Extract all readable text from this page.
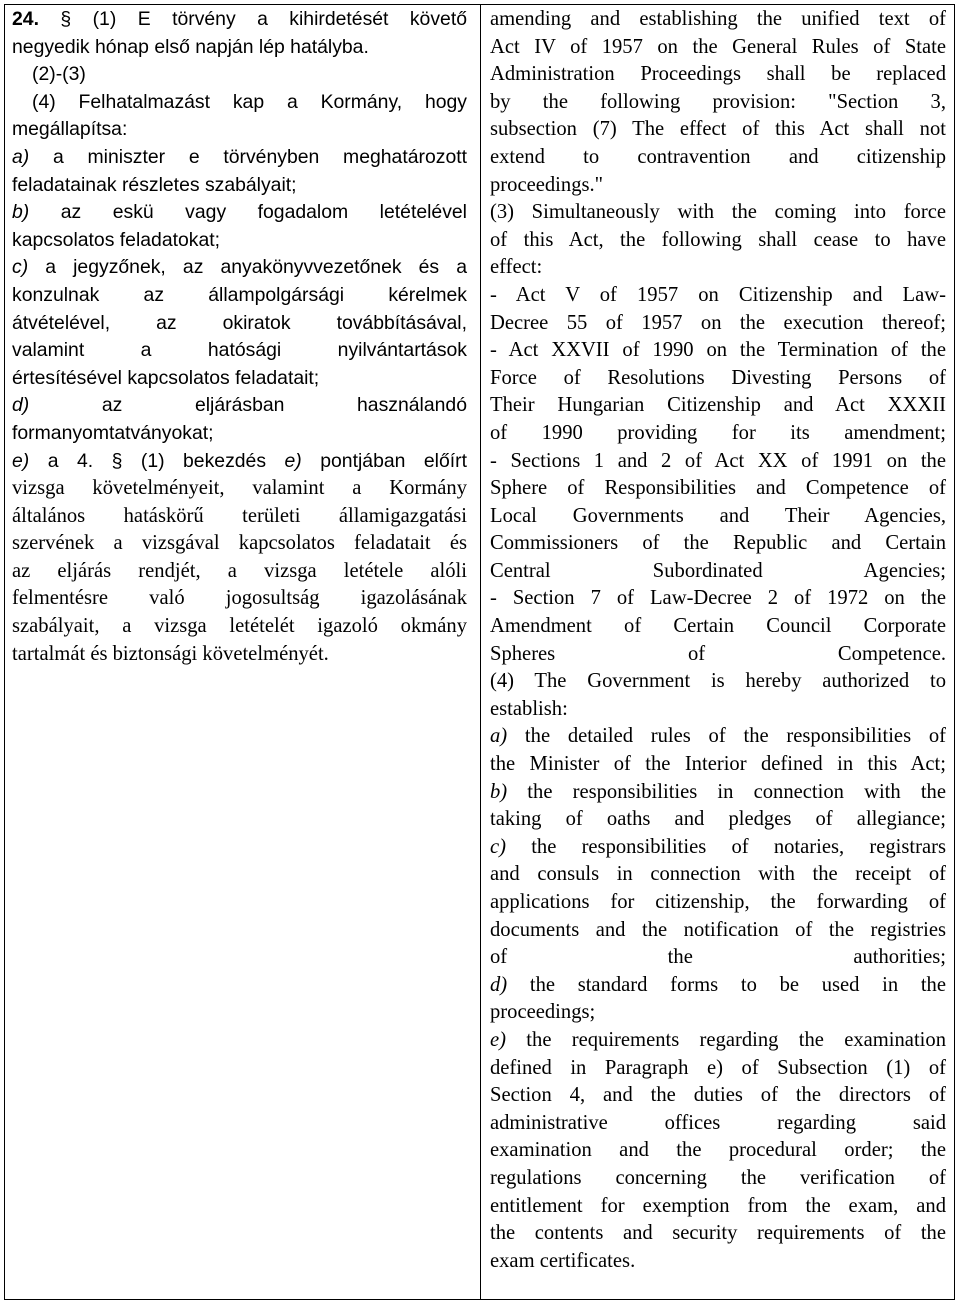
24. § (1) E törvény a kihirdetését követő
negyedik hónap első napján lép hatályba.
(2)-(3)
(4) Felhatalmazást kap a Kormány, hogy
megállapítsa:
a) a miniszter e törvényben meghatározott
feladatainak részletes szabályait;
b) az eskü vagy fogadalom letételével
kapcsolatos feladatokat;
c) a jegyzőnek, az anyakönyvvezetőnek és a
konzulnak az állampolgársági kérelmek
átvételével, az okiratok továbbításával,
valamint a hatósági nyilvántartások
értesítésével kapcsolatos feladatait;
d)	az eljárásban használandó
formanyomtatványokat;
e) a 4. § (1) bekezdés e) pontjában előírt
vizsga követelményeit, valamint a Kormány
általános hatáskörű területi államigazgatási
szervének a vizsgával kapcsolatos feladatait és
az eljárás rendjét, a vizsga letétele alóli
felmentésre való jogosultság igazolásának
szabályait, a vizsga letételét igazoló okmány
tartalmát és biztonsági követelményét.
amending and establishing the unified text of
Act IV of 1957 on the General Rules of State
Administration Proceedings shall be replaced
by the following provision: "Section 3,
subsection (7) The effect of this Act shall not
extend to contravention and citizenship
proceedings."
(3) Simultaneously with the coming into force
of this Act, the following shall cease to have
effect:
- Act V of 1957 on Citizenship and Law-
Decree 55 of 1957 on the execution thereof;
- Act XXVII of 1990 on the Termination of the
Force of Resolutions Divesting Persons of
Their Hungarian Citizenship and Act XXXII
of 1990 providing for its amendment;
- Sections 1 and 2 of Act XX of 1991 on the
Sphere of Responsibilities and Competence of
Local Governments and Their Agencies,
Commissioners of the Republic and Certain
Central Subordinated Agencies;
- Section 7 of Law-Decree 2 of 1972 on the
Amendment of Certain Council Corporate
Spheres of Competence.
(4) The Government is hereby authorized to
establish:
a) the detailed rules of the responsibilities of
the Minister of the Interior defined in this Act;
b) the responsibilities in connection with the
taking of oaths and pledges of allegiance;
c) the responsibilities of notaries, registrars
and consuls in connection with the receipt of
applications for citizenship, the forwarding of
documents and the notification of the registries
of the authorities;
d) the standard forms to be used in the
proceedings;
e) the requirements regarding the examination
defined in Paragraph e) of Subsection (1) of
Section 4, and the duties of the directors of
administrative offices regarding said
examination and the procedural order; the
regulations concerning the verification of
entitlement for exemption from the exam, and
the contents and security requirements of the
exam certificates.
